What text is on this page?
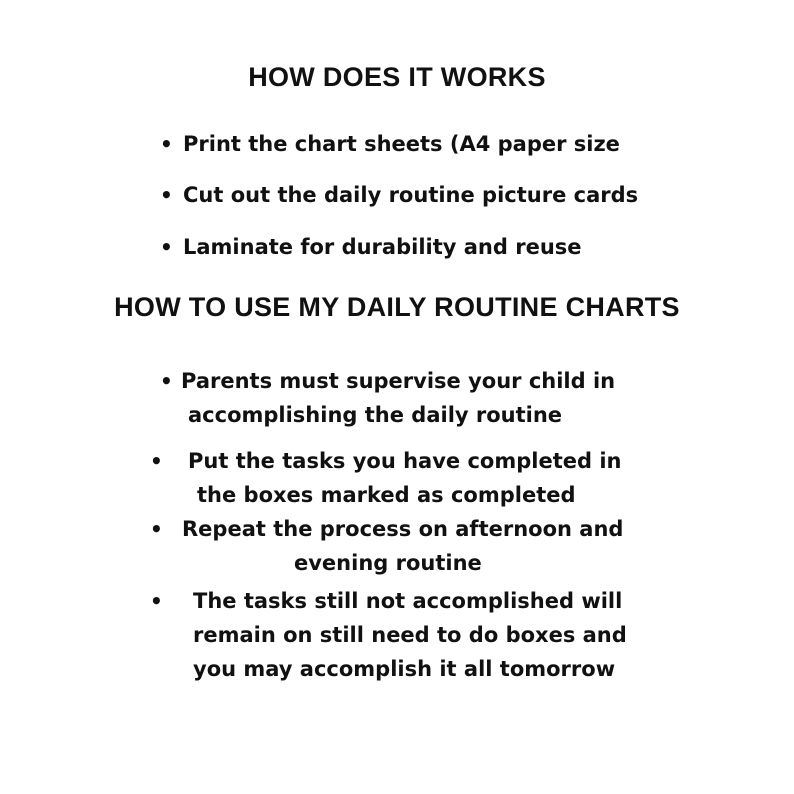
HOW DOES IT WORKS
• Print the chart sheets (A4 paper size
• Cut out the daily routine picture cards
• Laminate for durability and reuse
HOW TO USE MY DAILY ROUTINE CHARTS
• Parents must supervise your child in
accomplishing the daily routine
• Put the tasks you have completed in
the boxes marked as completed
• Repeat the process on afternoon and
evening routine
• The tasks still not accomplished will
remain on still need to do boxes and
you may accomplish it all tomorrow
